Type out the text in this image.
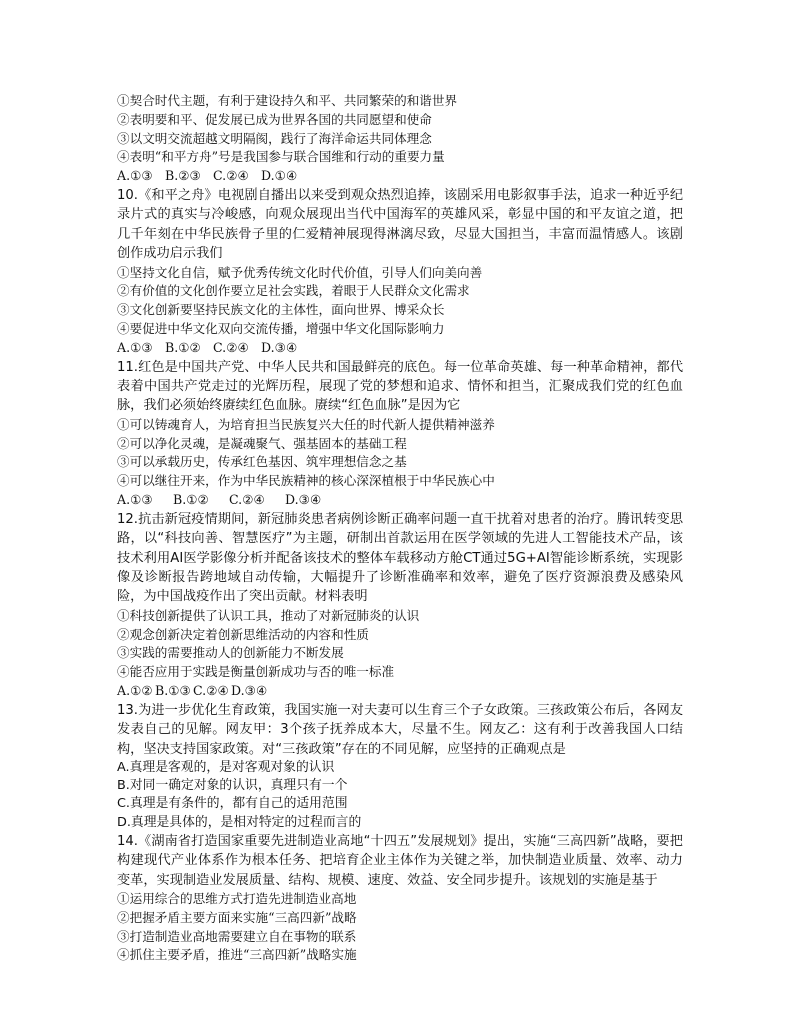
①契合时代主题，有利于建设持久和平、共同繁荣的和谐世界

②表明要和平、促发展已成为世界各国的共同愿望和使命

③以文明交流超越文明隔阂，践行了海洋命运共同体理念

④表明“和平方舟”号是我国参与联合国维和行动的重要力量

A.①③ B.②③ C.②④ D.①④

10.《和平之舟》电视剧自播出以来受到观众热烈追捧，该剧采用电影叙事手法，追求一种近乎纪录片式的真实与冷峻感，向观众展现出当代中国海军的英雄风采，彰显中国的和平友谊之道，把几千年刻在中华民族骨子里的仁爱精神展现得淋漓尽致，尽显大国担当，丰富而温情感人。该剧创作成功启示我们

①坚持文化自信，赋予优秀传统文化时代价值，引导人们向美向善

②有价值的文化创作要立足社会实践，着眼于人民群众文化需求

③文化创新要坚持民族文化的主体性，面向世界、博采众长

④要促进中华文化双向交流传播，增强中华文化国际影响力

A.①③ B.①② C.②④ D.③④

11.红色是中国共产党、中华人民共和国最鲜亮的底色。每一位革命英雄、每一种革命精神，都代表着中国共产党走过的光辉历程，展现了党的梦想和追求、情怀和担当，汇聚成我们党的红色血脉，我们必须始终赓续红色血脉。赓续“红色血脉”是因为它

①可以铸魂育人，为培育担当民族复兴大任的时代新人提供精神滋养

②可以净化灵魂，是凝魂聚气、强基固本的基础工程

③可以承载历史，传承红色基因、筑牢理想信念之基

④可以继往开来，作为中华民族精神的核心深深植根于中华民族心中

A.①③ B.①② C.②④ D.③④

12.抗击新冠疫情期间，新冠肺炎患者病例诊断正确率问题一直干扰着对患者的治疗。腾讯转变思路，以“科技向善、智慧医疗”为主题，研制出首款运用在医学领域的先进人工智能技术产品，该技术利用AI医学影像分析并配备该技术的整体车载移动方舱CT通过5G+AI智能诊断系统，实现影像及诊断报告跨地域自动传输，大幅提升了诊断准确率和效率，避免了医疗资源浪费及感染风险，为中国战疫作出了突出贡献。材料表明

①科技创新提供了认识工具，推动了对新冠肺炎的认识

②观念创新决定着创新思维活动的内容和性质

③实践的需要推动人的创新能力不断发展

④能否应用于实践是衡量创新成功与否的唯一标准

A.①② B.①③ C.②④ D.③④

13.为进一步优化生育政策，我国实施一对夫妻可以生育三个子女政策。三孩政策公布后，各网友发表自己的见解。网友甲：3个孩子抚养成本大，尽量不生。网友乙：这有利于改善我国人口结构，坚决支持国家政策。对“三孩政策”存在的不同见解，应坚持的正确观点是

A.真理是客观的，是对客观对象的认识

B.对同一确定对象的认识，真理只有一个

C.真理是有条件的，都有自己的适用范围

D.真理是具体的，是相对特定的过程而言的

14.《湖南省打造国家重要先进制造业高地“十四五”发展规划》提出，实施“三高四新”战略，要把构建现代产业体系作为根本任务、把培育企业主体作为关键之举，加快制造业质量、效率、动力变革，实现制造业发展质量、结构、规模、速度、效益、安全同步提升。该规划的实施是基于

①运用综合的思维方式打造先进制造业高地

②把握矛盾主要方面来实施“三高四新”战略

③打造制造业高地需要建立自在事物的联系

④抓住主要矛盾，推进“三高四新”战略实施
